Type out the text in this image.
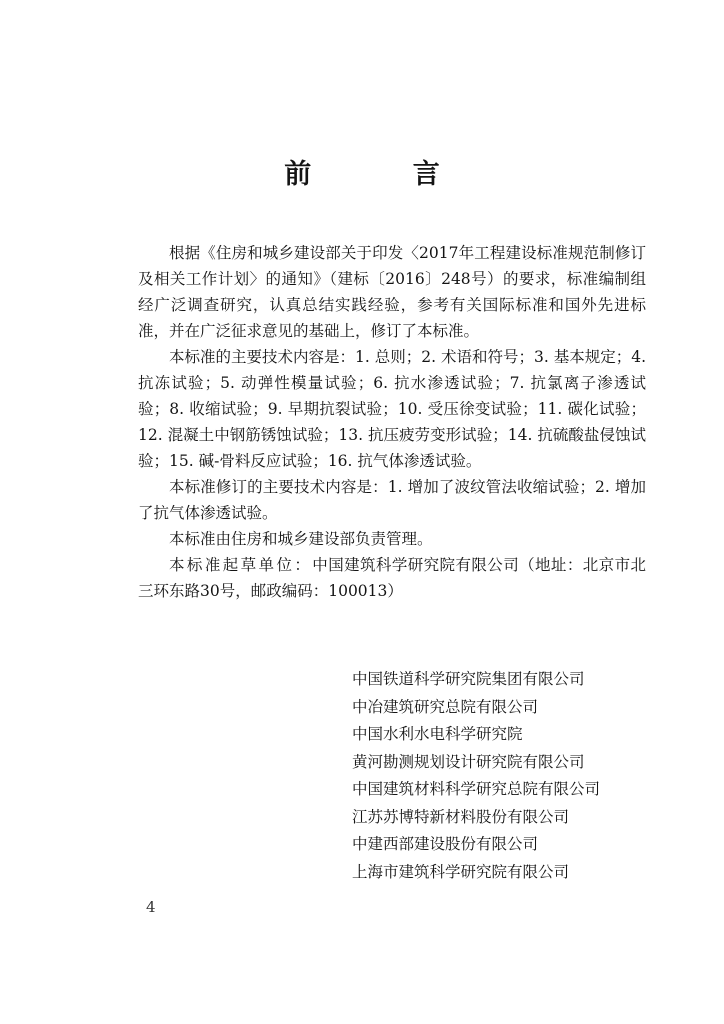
前 言

根据《住房和城乡建设部关于印发〈2017年工程建设标准规范制修订及相关工作计划〉的通知》（建标〔2016〕248号）的要求，标准编制组经广泛调查研究，认真总结实践经验，参考有关国际标准和国外先进标准，并在广泛征求意见的基础上，修订了本标准。

本标准的主要技术内容是：1. 总则；2. 术语和符号；3. 基本规定；4. 抗冻试验；5. 动弹性模量试验；6. 抗水渗透试验；7. 抗氯离子渗透试验；8. 收缩试验；9. 早期抗裂试验；10. 受压徐变试验；11. 碳化试验；12. 混凝土中钢筋锈蚀试验；13. 抗压疲劳变形试验；14. 抗硫酸盐侵蚀试验；15. 碱-骨料反应试验；16. 抗气体渗透试验。

本标准修订的主要技术内容是：1. 增加了波纹管法收缩试验；2. 增加了抗气体渗透试验。

本标准由住房和城乡建设部负责管理。

本标准起草单位：中国建筑科学研究院有限公司（地址：北京市北三环东路30号，邮政编码：100013）

中国铁道科学研究院集团有限公司
中冶建筑研究总院有限公司
中国水利水电科学研究院
黄河勘测规划设计研究院有限公司
中国建筑材料科学研究总院有限公司
江苏苏博特新材料股份有限公司
中建西部建设股份有限公司
上海市建筑科学研究院有限公司
4
